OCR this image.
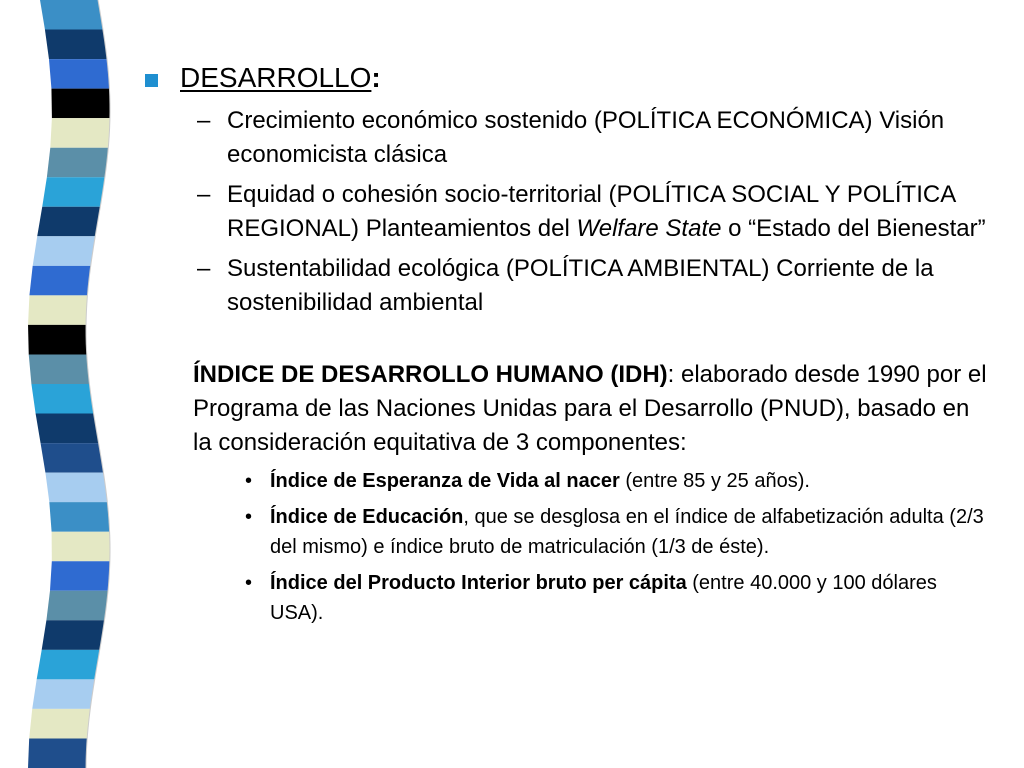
DESARROLLO :
– Crecimiento económico sostenido (POLÍTICA ECONÓMICA) Visión economicista clásica
– Equidad o cohesión socio-territorial (POLÍTICA SOCIAL Y POLÍTICA REGIONAL) Planteamientos del Welfare State o “Estado del Bienestar”
– Sustentabilidad ecológica (POLÍTICA AMBIENTAL) Corriente de la sostenibilidad ambiental
ÍNDICE DE DESARROLLO HUMANO (IDH): elaborado desde 1990 por el Programa de las Naciones Unidas para el Desarrollo (PNUD), basado en la consideración equitativa de 3 componentes:
• Índice de Esperanza de Vida al nacer (entre 85 y 25 años).
• Índice de Educación, que se desglosa en el índice de alfabetización adulta (2/3 del mismo) e índice bruto de matriculación (1/3 de éste).
• Índice del Producto Interior bruto per cápita (entre 40.000 y 100 dólares USA).
